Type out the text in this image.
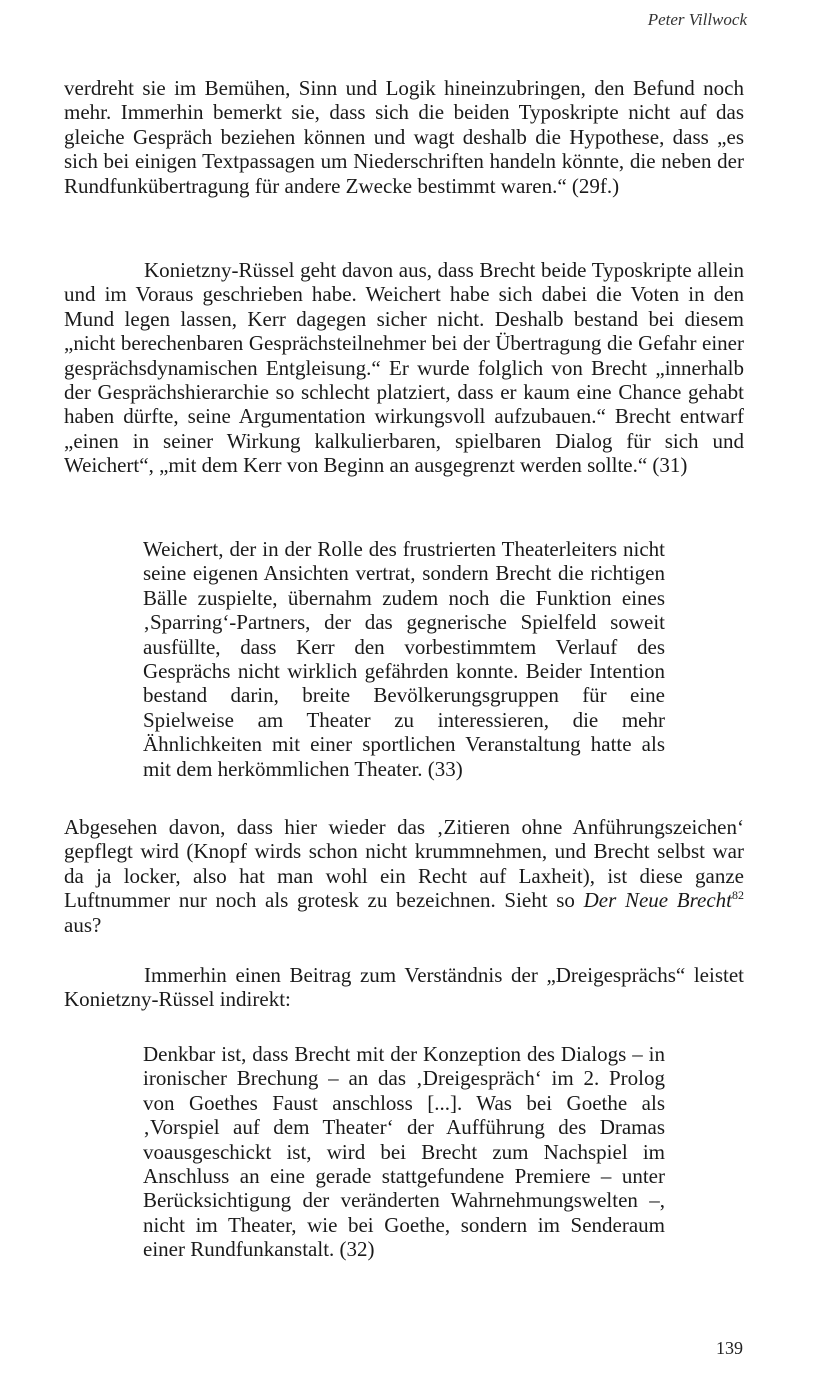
Peter Villwock

verdreht sie im Bemühen, Sinn und Logik hineinzubringen, den Befund noch mehr. Immerhin bemerkt sie, dass sich die beiden Typoskripte nicht auf das gleiche Gespräch beziehen können und wagt deshalb die Hypothese, dass „es sich bei einigen Textpassagen um Niederschriften handeln könnte, die neben der Rundfunkübertragung für andere Zwecke bestimmt waren.“ (29f.)

Konietzny-Rüssel geht davon aus, dass Brecht beide Typoskripte allein und im Voraus geschrieben habe. Weichert habe sich dabei die Voten in den Mund legen lassen, Kerr dagegen sicher nicht. Deshalb bestand bei diesem „nicht berechenbaren Gesprächsteilnehmer bei der Übertragung die Gefahr einer gesprächsdynamischen Entgleisung.“ Er wurde folglich von Brecht „innerhalb der Gesprächshierarchie so schlecht platziert, dass er kaum eine Chance gehabt haben dürfte, seine Argumentation wirkungsvoll aufzubauen.“ Brecht entwarf „einen in seiner Wirkung kalkulierbaren, spielbaren Dialog für sich und Weichert“, „mit dem Kerr von Beginn an ausgegrenzt werden sollte.“ (31)

Weichert, der in der Rolle des frustrierten Theaterleiters nicht seine eigenen Ansichten vertrat, sondern Brecht die richtigen Bälle zuspielte, übernahm zudem noch die Funktion eines ‚Sparring‘-Partners, der das gegnerische Spielfeld soweit ausfüllte, dass Kerr den vorbestimmtem Verlauf des Gesprächs nicht wirklich gefährden konnte. Beider Intention bestand darin, breite Bevölkerungsgruppen für eine Spielweise am Theater zu interessieren, die mehr Ähnlichkeiten mit einer sportlichen Veranstaltung hatte als mit dem herkömmlichen Theater. (33)

Abgesehen davon, dass hier wieder das ‚Zitieren ohne Anführungszeichen‘ gepflegt wird (Knopf wirds schon nicht krummnehmen, und Brecht selbst war da ja locker, also hat man wohl ein Recht auf Laxheit), ist diese ganze Luftnummer nur noch als grotesk zu bezeichnen. Sieht so Der Neue Brecht$^{82}$ aus?

Immerhin einen Beitrag zum Verständnis der „Dreigesprächs“ leistet Konietzny-Rüssel indirekt:

Denkbar ist, dass Brecht mit der Konzeption des Dialogs – in ironischer Brechung – an das ‚Dreigespräch‘ im 2. Prolog von Goethes Faust anschloss [...]. Was bei Goethe als ‚Vorspiel auf dem Theater‘ der Aufführung des Dramas voausgeschickt ist, wird bei Brecht zum Nachspiel im Anschluss an eine gerade stattgefundene Premiere – unter Berücksichtigung der veränderten Wahrnehmungswelten –, nicht im Theater, wie bei Goethe, sondern im Senderaum einer Rundfunkanstalt. (32)

139
